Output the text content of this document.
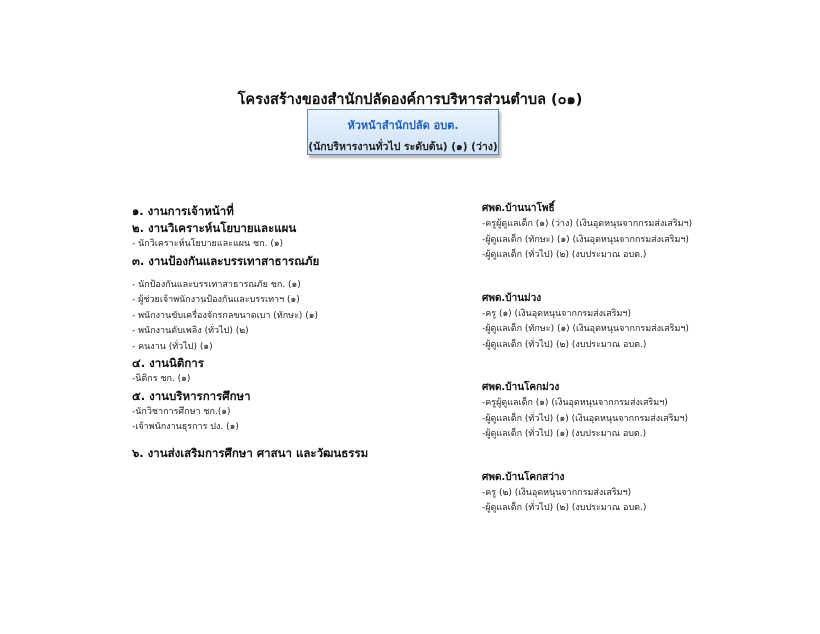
โครงสร้างของสำนักปลัดองค์การบริหารส่วนตำบล (๐๑)
หัวหน้าสำนักปลัด อบต.
(นักบริหารงานทั่วไป ระดับต้น) (๑) (ว่าง)
๑. งานการเจ้าหน้าที่
๒. งานวิเคราะห์นโยบายและแผน
- นักวิเคราะห์นโยบายและแผน ชก. (๑)
๓. งานป้องกันและบรรเทาสาธารณภัย
- นักป้องกันและบรรเทาสาธารณภัย ชก. (๑)
- ผู้ช่วยเจ้าพนักงานป้องกันและบรรเทาฯ (๑)
- พนักงานขับเครื่องจักรกลขนาดเบา (ทักษะ) (๑)
- พนักงานดับเพลิง (ทั่วไป) (๒)
- คนงาน (ทั่วไป) (๑)
๔. งานนิติการ
-นิติกร ชก. (๑)
๕. งานบริหารการศึกษา
-นักวิชาการศึกษา ชก.(๑)
-เจ้าพนักงานธุรการ ปง. (๑)
๖. งานส่งเสริมการศึกษา ศาสนา และวัฒนธรรม
ศพด.บ้านนาโพธิ์
-ครูผู้ดูแลเด็ก (๑) (ว่าง) (เงินอุดหนุนจากกรมส่งเสริมฯ)
-ผู้ดูแลเด็ก (ทักษะ) (๑) (เงินอุดหนุนจากกรมส่งเสริมฯ)
-ผู้ดูแลเด็ก (ทั่วไป) (๒) (งบประมาณ อบต.)
ศพด.บ้านม่วง
-ครู (๑) (เงินอุดหนุนจากกรมส่งเสริมฯ)
-ผู้ดูแลเด็ก (ทักษะ) (๑) (เงินอุดหนุนจากกรมส่งเสริมฯ)
-ผู้ดูแลเด็ก (ทั่วไป) (๒) (งบประมาณ อบต.)
ศพด.บ้านโคกม่วง
-ครูผู้ดูแลเด็ก (๑) (เงินอุดหนุนจากกรมส่งเสริมฯ)
-ผู้ดูแลเด็ก (ทั่วไป) (๑) (เงินอุดหนุนจากกรมส่งเสริมฯ)
-ผู้ดูแลเด็ก (ทั่วไป) (๑) (งบประมาณ อบต.)
ศพด.บ้านโคกสว่าง
-ครู (๒) (เงินอุดหนุนจากกรมส่งเสริมฯ)
-ผู้ดูแลเด็ก (ทั่วไป) (๒) (งบประมาณ อบต.)
